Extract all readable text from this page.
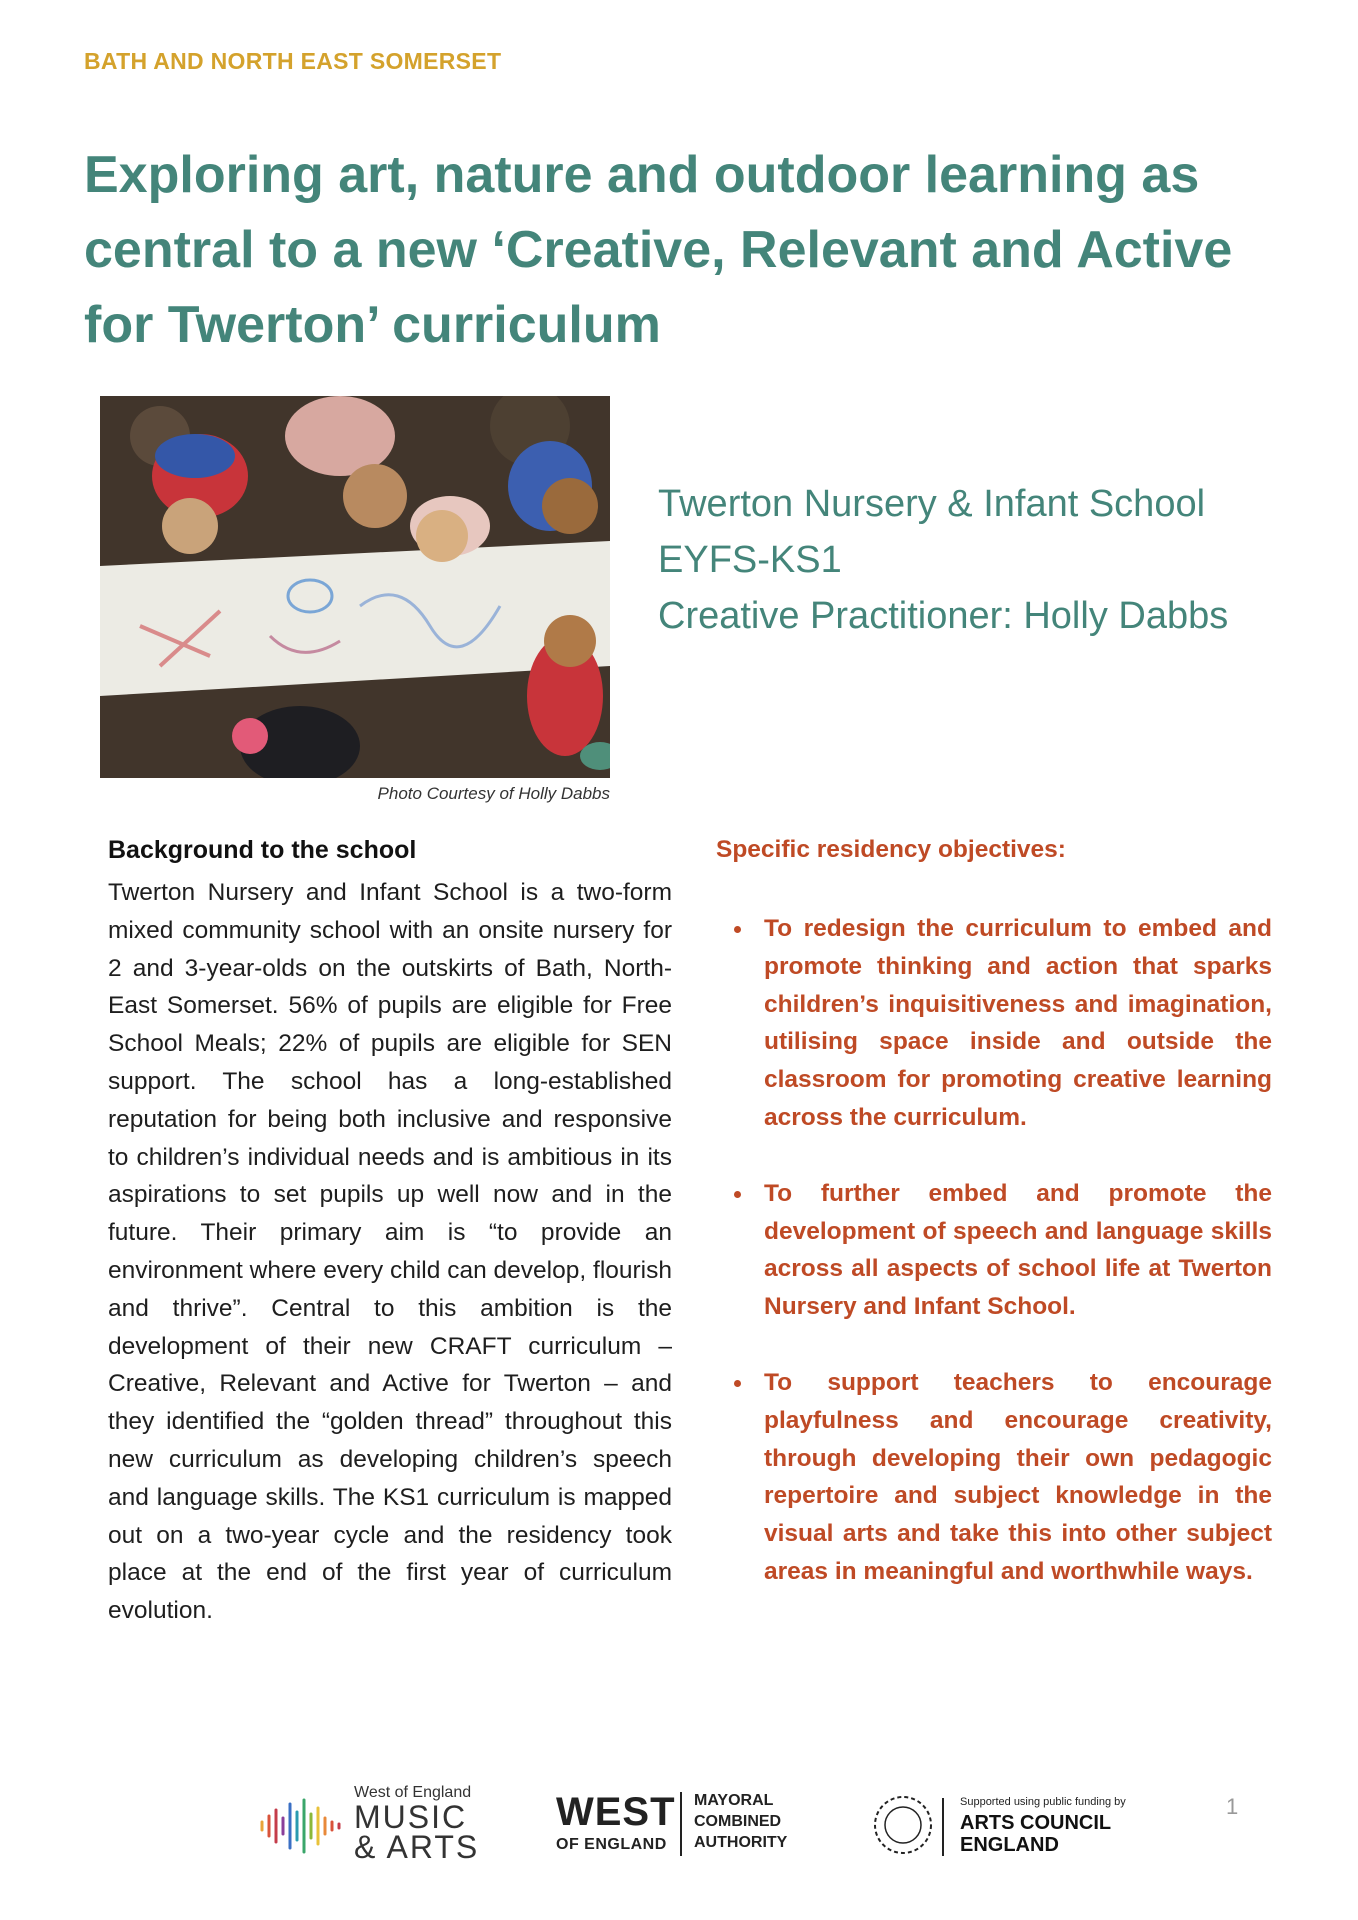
BATH AND NORTH EAST SOMERSET
Exploring art, nature and outdoor learning as central to a new ‘Creative, Relevant and Active for Twerton’ curriculum
Photo Courtesy of Holly Dabbs
Twerton Nursery & Infant School
EYFS-KS1
Creative Practitioner: Holly Dabbs
Background to the school

Twerton Nursery and Infant School is a two-form mixed community school with an onsite nursery for 2 and 3-year-olds on the outskirts of Bath, North-East Somerset. 56% of pupils are eligible for Free School Meals; 22% of pupils are eligible for SEN support. The school has a long-established reputation for being both inclusive and responsive to children’s individual needs and is ambitious in its aspirations to set pupils up well now and in the future. Their primary aim is “to provide an environment where every child can develop, flourish and thrive”. Central to this ambition is the development of their new CRAFT curriculum – Creative, Relevant and Active for Twerton – and they identified the “golden thread” throughout this new curriculum as developing children’s speech and language skills. The KS1 curriculum is mapped out on a two-year cycle and the residency took place at the end of the first year of curriculum evolution.

Specific residency objectives:
To redesign the curriculum to embed and promote thinking and action that sparks children’s inquisitiveness and imagination, utilising space inside and outside the classroom for promoting creative learning across the curriculum.
To further embed and promote the development of speech and language skills across all aspects of school life at Twerton Nursery and Infant School.
To support teachers to encourage playfulness and encourage creativity, through developing their own pedagogic repertoire and subject knowledge in the visual arts and take this into other subject areas in meaningful and worthwhile ways.
West of England
MUSIC
& ARTS
WEST
OF ENGLAND
MAYORAL
COMBINED
AUTHORITY
Supported using public funding by
ARTS COUNCIL
ENGLAND
1
